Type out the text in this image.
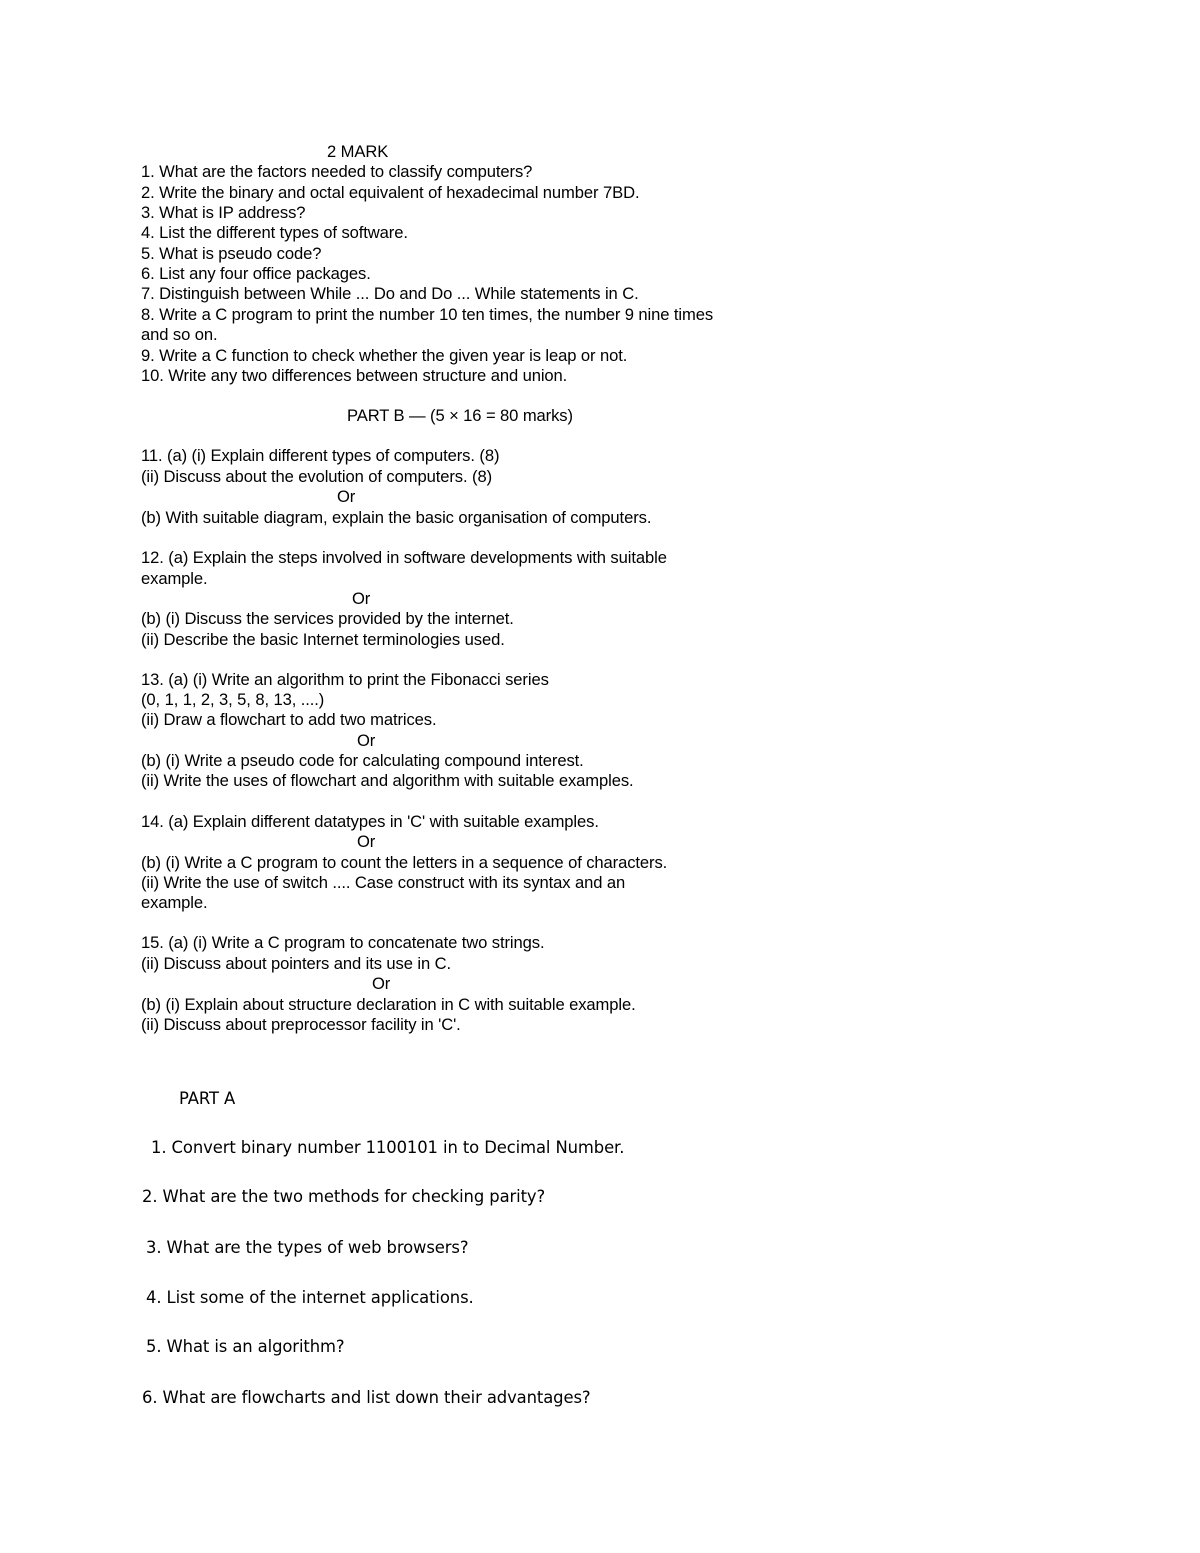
2 MARK
1. What are the factors needed to classify computers?
2. Write the binary and octal equivalent of hexadecimal number 7BD.
3. What is IP address?
4. List the different types of software.
5. What is pseudo code?
6. List any four office packages.
7. Distinguish between While ... Do and Do ... While statements in C.
8. Write a C program to print the number 10 ten times, the number 9 nine times
and so on.
9. Write a C function to check whether the given year is leap or not.
10. Write any two differences between structure and union.
PART B — (5 × 16 = 80 marks)
11. (a) (i) Explain different types of computers. (8)
(ii) Discuss about the evolution of computers. (8)
Or
(b) With suitable diagram, explain the basic organisation of computers.
12. (a) Explain the steps involved in software developments with suitable
example.
Or
(b) (i) Discuss the services provided by the internet.
(ii) Describe the basic Internet terminologies used.
13. (a) (i) Write an algorithm to print the Fibonacci series
(0, 1, 1, 2, 3, 5, 8, 13, ....)
(ii) Draw a flowchart to add two matrices.
Or
(b) (i) Write a pseudo code for calculating compound interest.
(ii) Write the uses of flowchart and algorithm with suitable examples.
14. (a) Explain different datatypes in 'C' with suitable examples.
Or
(b) (i) Write a C program to count the letters in a sequence of characters.
(ii) Write the use of switch .... Case construct with its syntax and an
example.
15. (a) (i) Write a C program to concatenate two strings.
(ii) Discuss about pointers and its use in C.
Or
(b) (i) Explain about structure declaration in C with suitable example.
(ii) Discuss about preprocessor facility in 'C'.
PART A
1. Convert binary number 1100101 in to Decimal Number.
2. What are the two methods for checking parity?
3. What are the types of web browsers?
4. List some of the internet applications.
5. What is an algorithm?
6. What are flowcharts and list down their advantages?
